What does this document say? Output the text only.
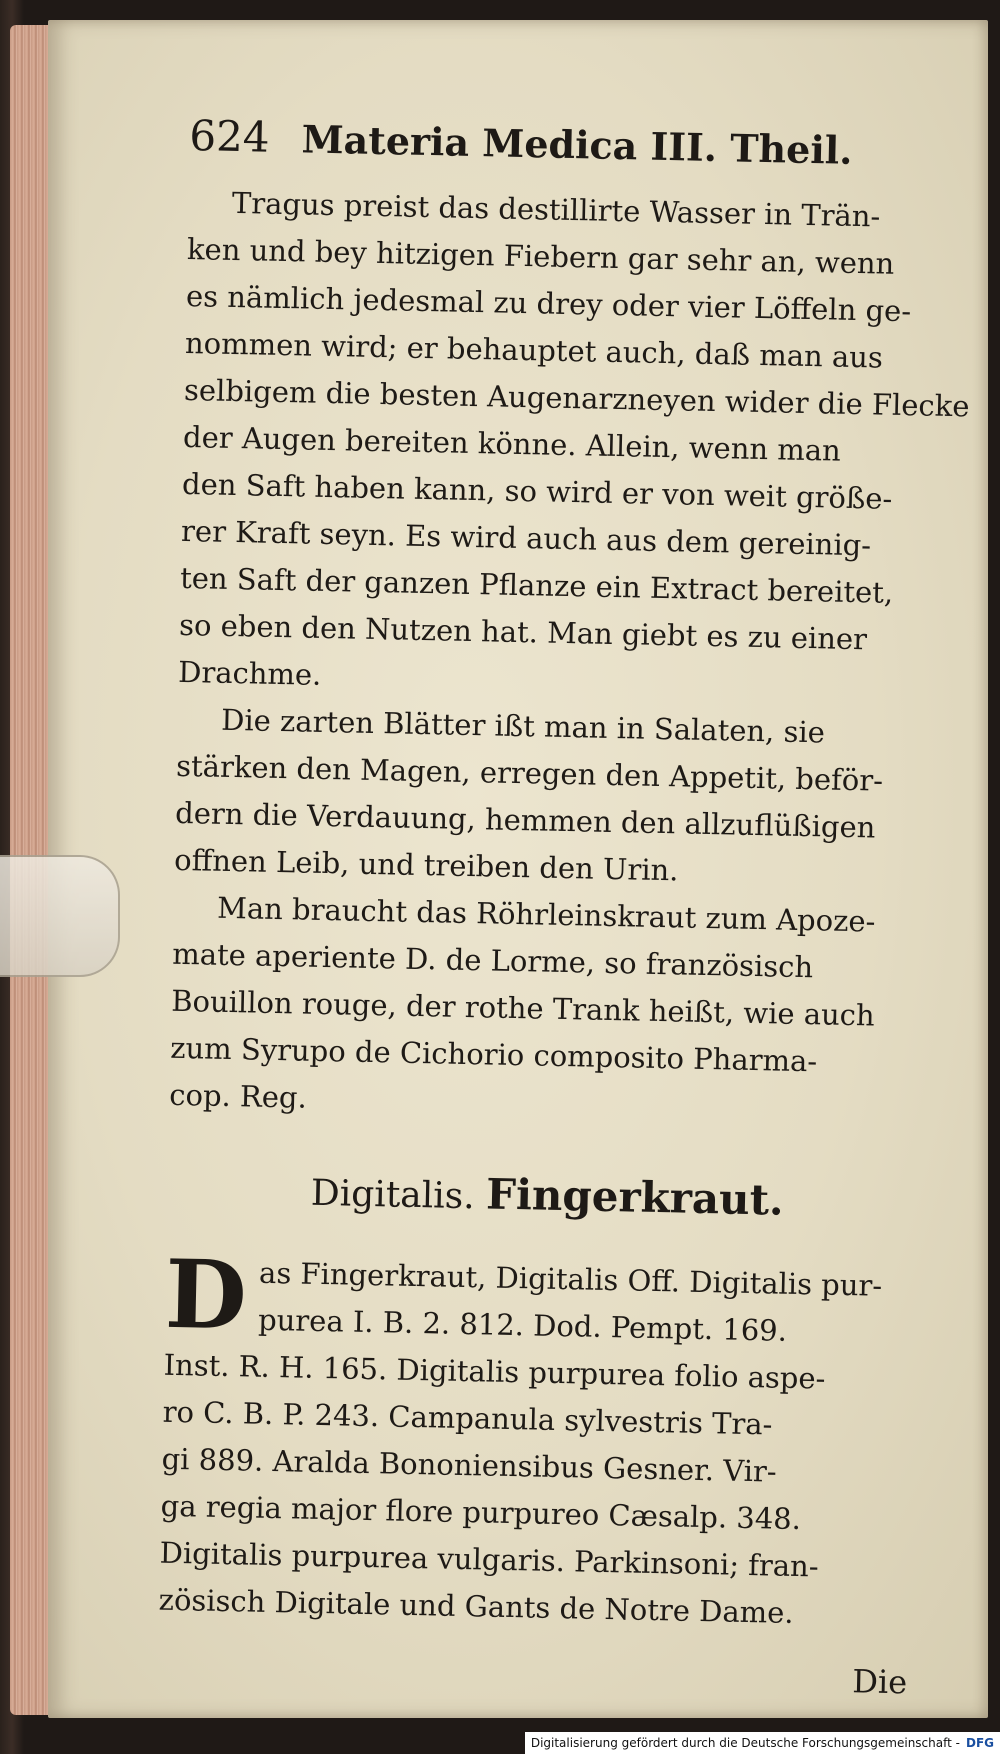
624 Materia Medica III. Theil.
Tragus preist das destillirte Wasser in Trän-
ken und bey hitzigen Fiebern gar sehr an, wenn
es nämlich jedesmal zu drey oder vier Löffeln ge-
nommen wird; er behauptet auch, daß man aus
selbigem die besten Augenarzneyen wider die Flecke
der Augen bereiten könne. Allein, wenn man
den Saft haben kann, so wird er von weit größe-
rer Kraft seyn. Es wird auch aus dem gereinig-
ten Saft der ganzen Pflanze ein Extract bereitet,
so eben den Nutzen hat. Man giebt es zu einer
Drachme.
Die zarten Blätter ißt man in Salaten, sie
stärken den Magen, erregen den Appetit, beför-
dern die Verdauung, hemmen den allzuflüßigen
offnen Leib, und treiben den Urin.
Man braucht das Röhrleinskraut zum Apoze-
mate aperiente D. de Lorme, so französisch
Bouillon rouge, der rothe Trank heißt, wie auch
zum Syrupo de Cichorio composito Pharma-
cop. Reg.
Digitalis. Fingerkraut.
D as Fingerkraut, Digitalis Off. Digitalis pur-
purea I. B. 2. 812. Dod. Pempt. 169.
Inst. R. H. 165. Digitalis purpurea folio aspe-
ro C. B. P. 243. Campanula sylvestris Tra-
gi 889. Aralda Bononiensibus Gesner. Vir-
ga regia major flore purpureo Cæsalp. 348.
Digitalis purpurea vulgaris. Parkinsoni; fran-
zösisch Digitale und Gants de Notre Dame.
Die
Digitalisierung gefördert durch die Deutsche Forschungsgemeinschaft - DFG
